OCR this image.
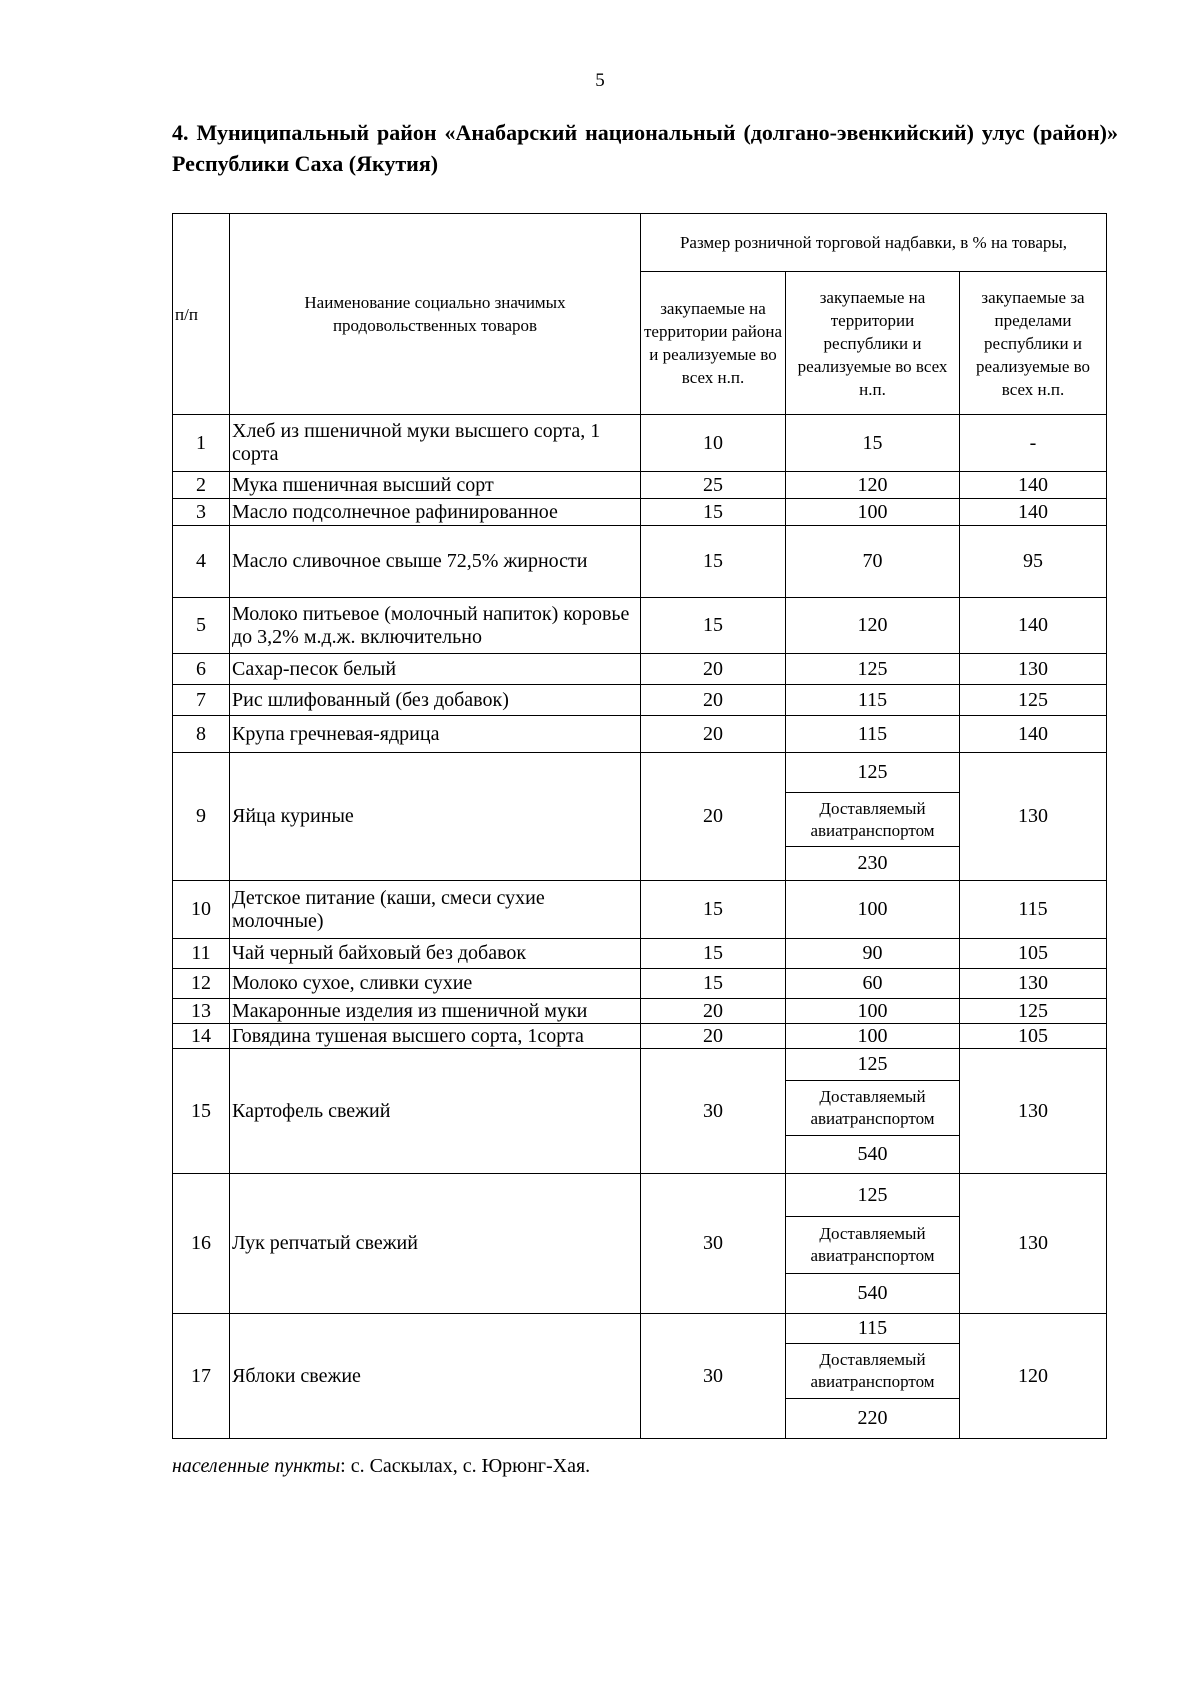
5
4. Муниципальный район «Анабарский национальный (долгано-эвенкийский) улус (район)» Республики Саха (Якутия)
п/п	Наименование социально значимых продовольственных товаров	Размер розничной торговой надбавки, в % на товары,		
		закупаемые на территории района и реализуемые во всех н.п.	закупаемые на территории республики и реализуемые во всех н.п.	закупаемые за пределами республики и реализуемые во всех н.п.
1	Хлеб из пшеничной муки высшего сорта, 1 сорта	10	15	-
2	Мука пшеничная высший сорт	25	120	140
3	Масло подсолнечное рафинированное	15	100	140
4	Масло сливочное свыше 72,5% жирности	15	70	95
5	Молоко питьевое (молочный напиток) коровье до 3,2% м.д.ж. включительно	15	120	140
6	Сахар-песок белый	20	125	130
7	Рис шлифованный (без добавок)	20	115	125
8	Крупа гречневая-ядрица	20	115	140
9	Яйца куриные	20	125	130
			Доставляемый авиатранспортом	
			230	
10	Детское питание (каши, смеси сухие молочные)	15	100	115
11	Чай черный байховый без добавок	15	90	105
12	Молоко сухое, сливки сухие	15	60	130
13	Макаронные изделия из пшеничной муки	20	100	125
14	Говядина тушеная высшего сорта, 1сорта	20	100	105
15	Картофель свежий	30	125	130
			Доставляемый авиатранспортом	
			540	
16	Лук репчатый свежий	30	125	130
			Доставляемый авиатранспортом	
			540	
17	Яблоки свежие	30	115	120
			Доставляемый авиатранспортом	
			220	
населенные пункты: с. Саскылах, с. Юрюнг-Хая.
